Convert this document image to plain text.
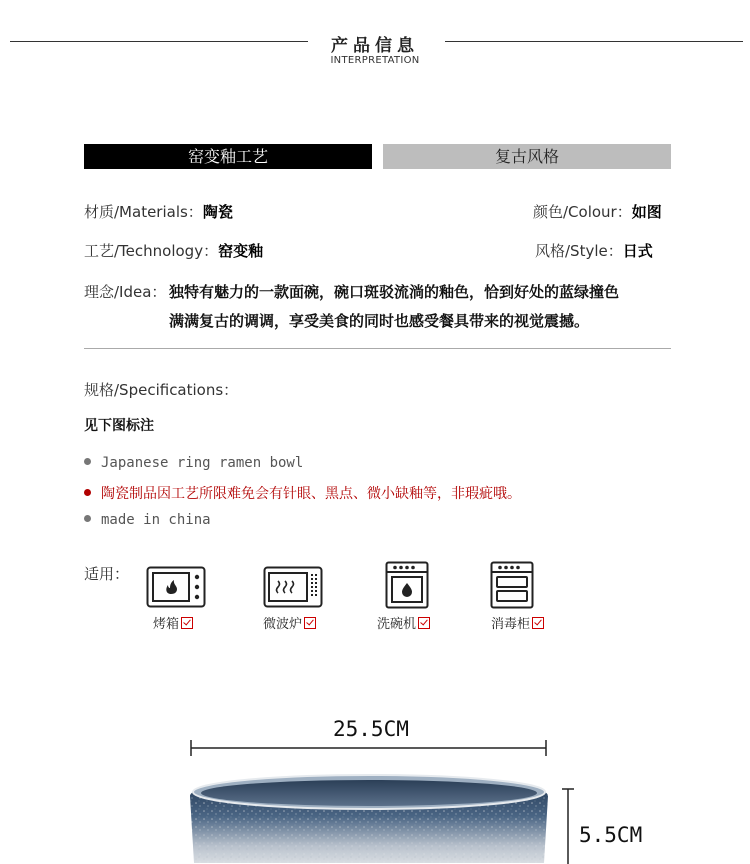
产品信息
INTERPRETATION
窑变釉工艺	复古风格
材质/Materials：陶瓷	颜色/Colour：如图
工艺/Technology：窑变釉	风格/Style：日式
理念/Idea： 独特有魅力的一款面碗，碗口斑驳流淌的釉色，恰到好处的蓝绿撞色
满满复古的调调，享受美食的同时也感受餐具带来的视觉震撼。
规格/Specifications：
见下图标注
Japanese ring ramen bowl
陶瓷制品因工艺所限难免会有针眼、黑点、微小缺釉等，非瑕疵哦。
made in china
适用：
烤箱	微波炉	洗碗机	消毒柜
25.5CM
5.5CM
